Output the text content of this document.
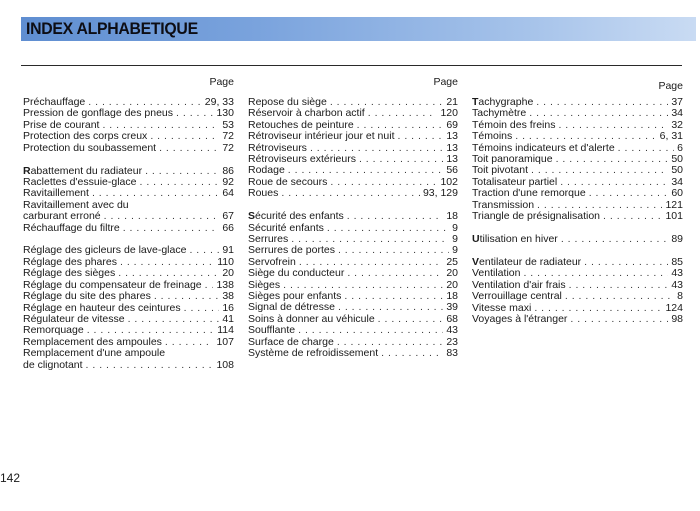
INDEX ALPHABETIQUE
Page
Préchauffage . . .	29, 33
Pression de gonflage des pneus . . .	130
Prise de courant . . .	53
Protection des corps creux . . .	72
Protection du soubassement . . .	72
Rabattement du radiateur . . .	86
Raclettes d'essuie-glace . . .	92
Ravitaillement . . .	64
Ravitaillement avec du
carburant erroné . . .	67
Réchauffage du filtre . . .	66
Réglage des gicleurs de lave-glace . . .	91
Réglage des phares . . .	110
Réglage des sièges . . .	20
Réglage du compensateur de freinage . . . 138
Réglage du site des phares . . .	38
Réglage en hauteur des ceintures . . .	16
Régulateur de vitesse . . .	41
Remorquage . . .	114
Remplacement des ampoules . . .	107
Remplacement d'une ampoule
de clignotant . . .	108
Page
Repose du siège . . .	21
Réservoir à charbon actif . . .	120
Retouches de peinture . . .	69
Rétroviseur intérieur jour et nuit . . .	13
Rétroviseurs . . .	13
Rétroviseurs extérieurs . . .	13
Rodage . . .	56
Roue de secours . . .	102
Roues . . .	93, 129
Sécurité des enfants . . .	18
Sécurité enfants . . .	9
Serrures . . .	9
Serrures de portes . . .	9
Servofrein . . .	25
Siège du conducteur . . .	20
Sièges . . .	20
Sièges pour enfants . . .	18
Signal de détresse . . .	39
Soins à donner au véhicule . . .	68
Soufflante . . .	43
Surface de charge . . .	23
Système de refroidissement . . .	83
Page
Tachygraphe . . .	37
Tachymètre . . .	34
Témoin des freins . . .	32
Témoins . . .	6, 31
Témoins indicateurs et d'alerte . . .	6
Toit panoramique . . .	50
Toit pivotant . . .	50
Totalisateur partiel . . .	34
Traction d'une remorque . . .	60
Transmission . . .	121
Triangle de présignalisation . . .	101
Utilisation en hiver . . .	89
Ventilateur de radiateur . . .	85
Ventilation . . .	43
Ventilation d'air frais . . .	43
Verrouillage central . . .	8
Vitesse maxi . . .	124
Voyages à l'étranger . . .	98
142
